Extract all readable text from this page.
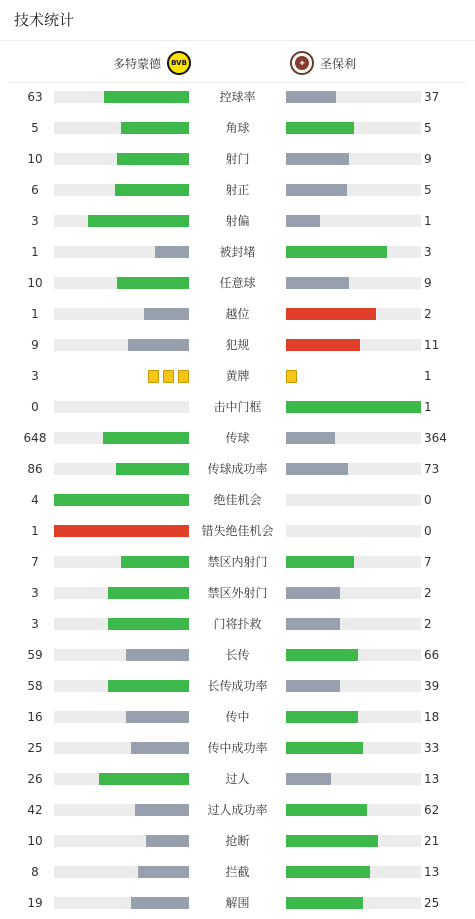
技术统计
多特蒙德	BVB	✚	圣保利
63	控球率	37
5	角球	5
10	射门	9
6	射正	5
3	射偏	1
1	被封堵	3
10	任意球	9
1	越位	2
9	犯规	11
3	黄牌	1
0	击中门框	1
648	传球	364
86	传球成功率	73
4	绝佳机会	0
1	错失绝佳机会	0
7	禁区内射门	7
3	禁区外射门	2
3	门将扑救	2
59	长传	66
58	长传成功率	39
16	传中	18
25	传中成功率	33
26	过人	13
42	过人成功率	62
10	抢断	21
8	拦截	13
19	解围	25
